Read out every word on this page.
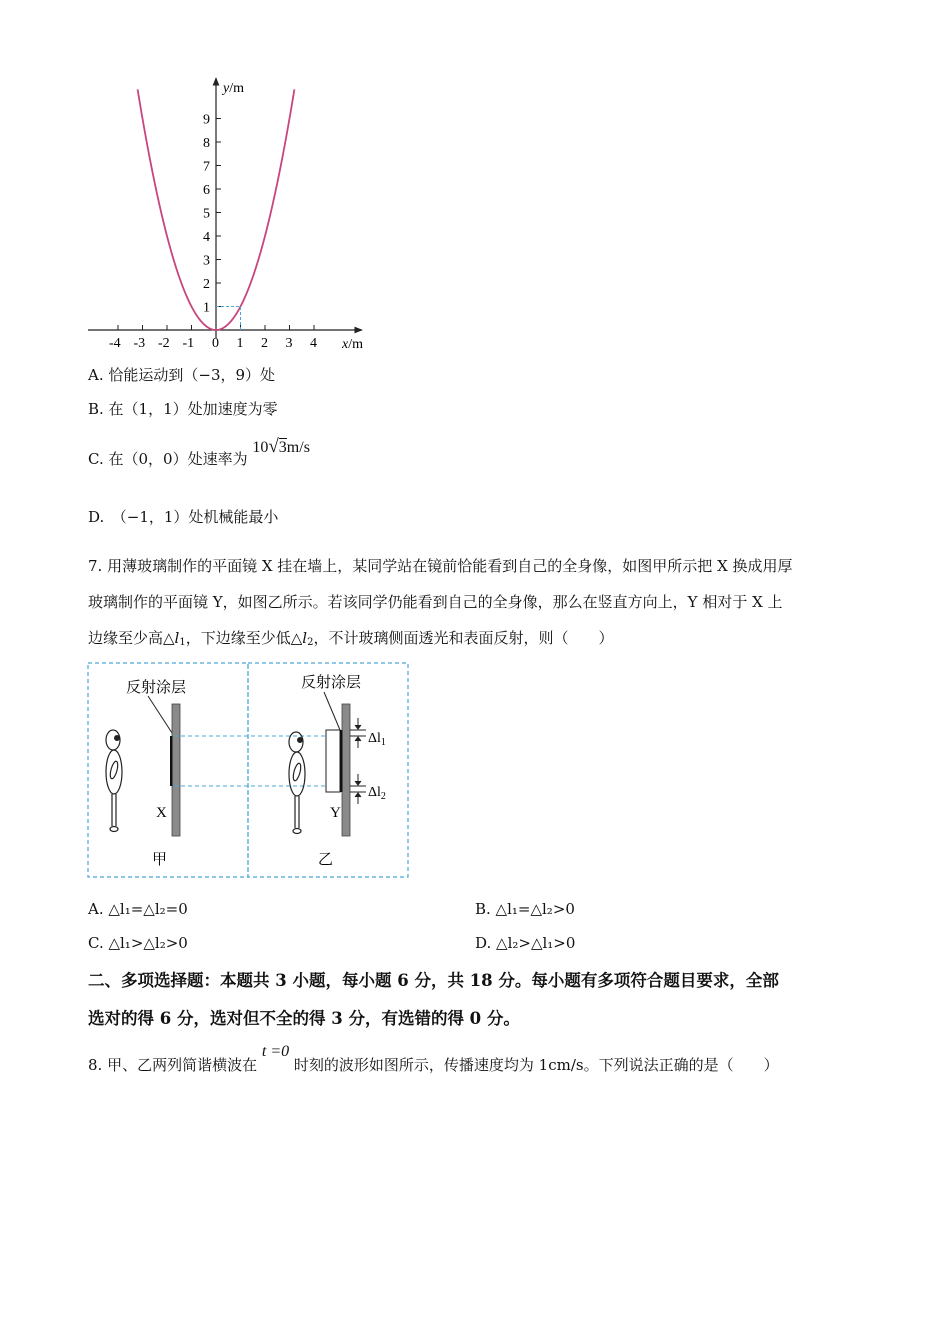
y/m
x/m
1
2
3
4
5
6
7
8
9
-4 -3 -2 -1 0 1 2 3 4
A. 恰能运动到（−3，9）处
B. 在（1，1）处加速度为零
C. 在（0，0）处速率为 10√3m/s
D.　（−1，1）处机械能最小
7. 用薄玻璃制作的平面镜 X 挂在墙上，某同学站在镜前恰能看到自己的全身像，如图甲所示把 X 换成用厚
玻璃制作的平面镜 Y，如图乙所示。若该同学仍能看到自己的全身像，那么在竖直方向上，Y 相对于 X 上
边缘至少高$\triangle l_1$，下边缘至少低$\triangle l_2$，不计玻璃侧面透光和表面反射，则（　　）
反射涂层
X
甲
反射涂层
Y
$\Delta l_1$
$\Delta l_2$
乙
A. △l₁=△l₂=0	B. △l₁=△l₂>0
C. △l₁>△l₂>0	D. △l₂>△l₁>0
二、多项选择题：本题共 3 小题，每小题 6 分，共 18 分。每小题有多项符合题目要求，全部
选对的得 6 分，选对但不全的得 3 分，有选错的得 0 分。
8. 甲、乙两列简谐横波在 t =0 时刻的波形如图所示，传播速度均为 1cm/s。下列说法正确的是（　　）
